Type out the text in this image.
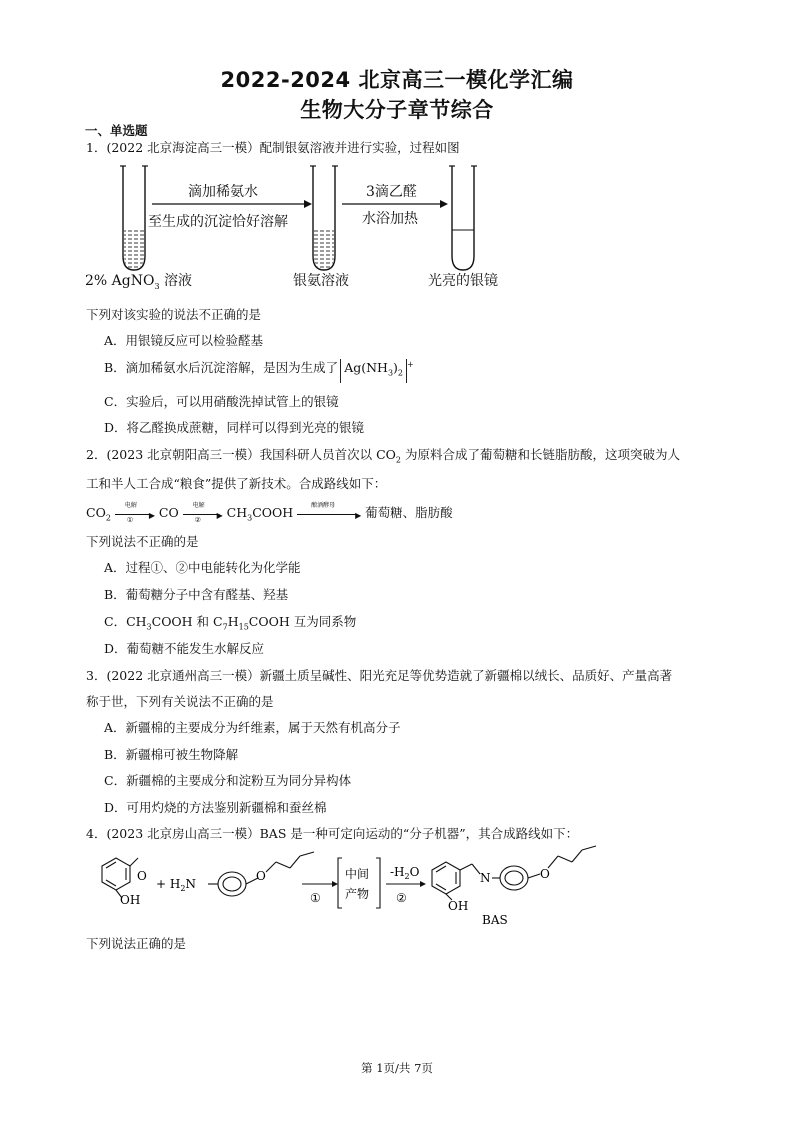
2022-2024 北京高三一模化学汇编
生物大分子章节综合
一、单选题
1．(2022 北京海淀高三一模）配制银氨溶液并进行实验，过程如图
滴加稀氨水
至生成的沉淀恰好溶解
3滴乙醛
水浴加热
2% AgNO$_3$ 溶液	银氨溶液	光亮的银镜
下列对该实验的说法不正确的是
A．用银镜反应可以检验醛基
B．滴加稀氨水后沉淀溶解，是因为生成了 $Ag(NH_3)_2^+$
C．实验后，可以用硝酸洗掉试管上的银镜
D．将乙醛换成蔗糖，同样可以得到光亮的银镜
2．(2023 北京朝阳高三一模）我国科研人员首次以 $CO_2$ 为原料合成了葡萄糖和长链脂肪酸，这项突破为人
工和半人工合成“粮食”提供了新技术。合成路线如下：
$CO_2$
电解
▶
① CO 电解
▶
② $CH_3COOH$	酿酒酵母
▶ 葡萄糖、脂肪酸
下列说法不正确的是
A．过程①、②中电能转化为化学能
B．葡萄糖分子中含有醛基、羟基
C．$CH_3COOH$ 和 $C_7H_{15}COOH$ 互为同系物
D．葡萄糖不能发生水解反应
3．(2022 北京通州高三一模）新疆土质呈碱性、阳光充足等优势造就了新疆棉以绒长、品质好、产量高著
称于世，下列有关说法不正确的是
A．新疆棉的主要成分为纤维素，属于天然有机高分子
B．新疆棉可被生物降解
C．新疆棉的主要成分和淀粉互为同分异构体
D．可用灼烧的方法鉴别新疆棉和蚕丝棉
4．(2023 北京房山高三一模）BAS 是一种可定向运动的“分子机器”，其合成路线如下：
O
OH
+ $H_2N$
O
①
中间
产物
$-H_2O$
②
N	O
OH
BAS
下列说法正确的是
第 1页/共 7页
